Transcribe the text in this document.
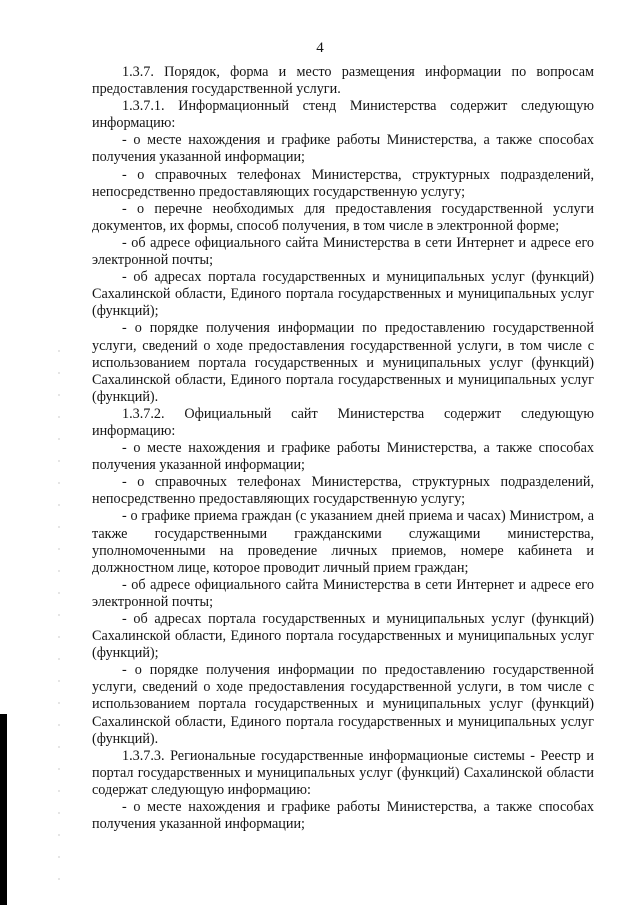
4

1.3.7. Порядок, форма и место размещения информации по вопросам предоставления государственной услуги.

1.3.7.1. Информационный стенд Министерства содержит следующую информацию:

- о месте нахождения и графике работы Министерства, а также способах получения указанной информации;

- о справочных телефонах Министерства, структурных подразделений, непосредственно предоставляющих государственную услугу;

- о перечне необходимых для предоставления государственной услуги документов, их формы, способ получения, в том числе в электронной форме;

- об адресе официального сайта Министерства в сети Интернет и адресе его электронной почты;

- об адресах портала государственных и муниципальных услуг (функций) Сахалинской области, Единого портала государственных и муниципальных услуг (функций);

- о порядке получения информации по предоставлению государственной услуги, сведений о ходе предоставления государственной услуги, в том числе с использованием портала государственных и муниципальных услуг (функций) Сахалинской области, Единого портала государственных и муниципальных услуг (функций).

1.3.7.2. Официальный сайт Министерства содержит следующую информацию:

- о месте нахождения и графике работы Министерства, а также способах получения указанной информации;

- о справочных телефонах Министерства, структурных подразделений, непосредственно предоставляющих государственную услугу;

- о графике приема граждан (с указанием дней приема и часах) Министром, а также государственными гражданскими служащими министерства, уполномоченными на проведение личных приемов, номере кабинета и должностном лице, которое проводит личный прием граждан;

- об адресе официального сайта Министерства в сети Интернет и адресе его электронной почты;

- об адресах портала государственных и муниципальных услуг (функций) Сахалинской области, Единого портала государственных и муниципальных услуг (функций);

- о порядке получения информации по предоставлению государственной услуги, сведений о ходе предоставления государственной услуги, в том числе с использованием портала государственных и муниципальных услуг (функций) Сахалинской области, Единого портала государственных и муниципальных услуг (функций).

1.3.7.3. Региональные государственные информационые системы - Реестр и портал государственных и муниципальных услуг (функций) Сахалинской области содержат следующую информацию:

- о месте нахождения и графике работы Министерства, а также способах получения указанной информации;
